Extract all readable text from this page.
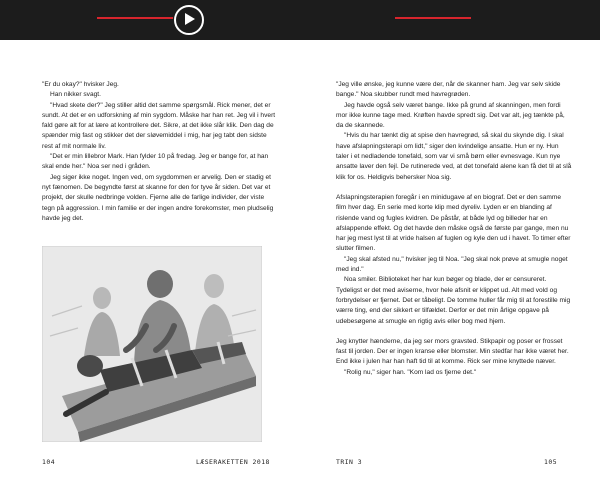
"Er du okay?" hvisker Jeg.

Han nikker svagt.

"Hvad skete der?" Jeg stiller altid det samme spørgsmål. Rick mener, det er sundt. At det er en udforskning af min sygdom. Måske har han ret. Jeg vil i hvert fald gøre alt for at lære at kontrollere det. Sikre, at det ikke slår klik. Den dag de spænder mig fast og stikker det der sløvemiddel i mig, har jeg tabt den sidste rest af mit normale liv.

"Det er min lillebror Mark. Han fylder 10 på fredag. Jeg er bange for, at han skal ende her." Noa ser ned i gråden.

Jeg siger ikke noget. Ingen ved, om sygdommen er arvelig. Den er stadig et nyt fænomen. De begyndte først at skanne for den for tyve år siden. Det var et projekt, der skulle nedbringe volden. Fjerne alle de farlige individer, der viste tegn på aggression. I min familie er der ingen andre forekomster, men pludselig havde jeg det.

"Jeg ville ønske, jeg kunne være der, når de skanner ham. Jeg var selv skide bange." Noa skubber rundt med havregrøden.

Jeg havde også selv været bange. Ikke på grund af skanningen, men fordi mor ikke kunne tage med. Krøften havde spredt sig. Det var alt, jeg tænkte på, da de skannede.

"Hvis du har tænkt dig at spise den havregrød, så skal du skynde dig. I skal have afslapningsterapi om lidt," siger den kvindelige ansatte. Hun er ny. Hun taler i et nedladende tonefald, som var vi små børn eller evnesvage. Kun nye ansatte laver den fejl. De rutinerede ved, at det tonefald alene kan få det til at slå klik for os. Heldigvis behersker Noa sig.

Afslapningsterapien foregår i en minidugave af en biograf. Det er den samme film hver dag. En serie med korte klip med dyreliv. Lyden er en blanding af rislende vand og fugles kvidren. De påstår, at både lyd og billeder har en afslappende effekt. Og det havde den måske også de første par gange, men nu har jeg mest lyst til at vride halsen af fuglen og kyle den ud i havet. To timer efter slutter filmen.

"Jeg skal afsted nu," hvisker jeg til Noa. "Jeg skal nok prøve at smugle noget med ind."

Noa smiler. Biblioteket her har kun bøger og blade, der er censureret. Tydeligst er det med aviserne, hvor hele afsnit er klippet ud. Alt med vold og forbrydelser er fjernet. Det er tåbeligt. De tomme huller får mig til at forestille mig værre ting, end der sikkert er tilfældet. Derfor er det min årlige opgave på udebesøgene at smugle en rigtig avis eller bog med hjem.

Jeg knytter hænderne, da jeg ser mors gravsted. Stikpapir og poser er frosset fast til jorden. Der er ingen kranse eller blomster. Min stedfar har ikke været her. End ikke i julen har han haft tid til at komme. Rick ser mine knyttede næver.

"Rolig nu," siger han. "Kom lad os fjerne det."

104	LÆSERAKETTEN 2018	TRIN 3	105
